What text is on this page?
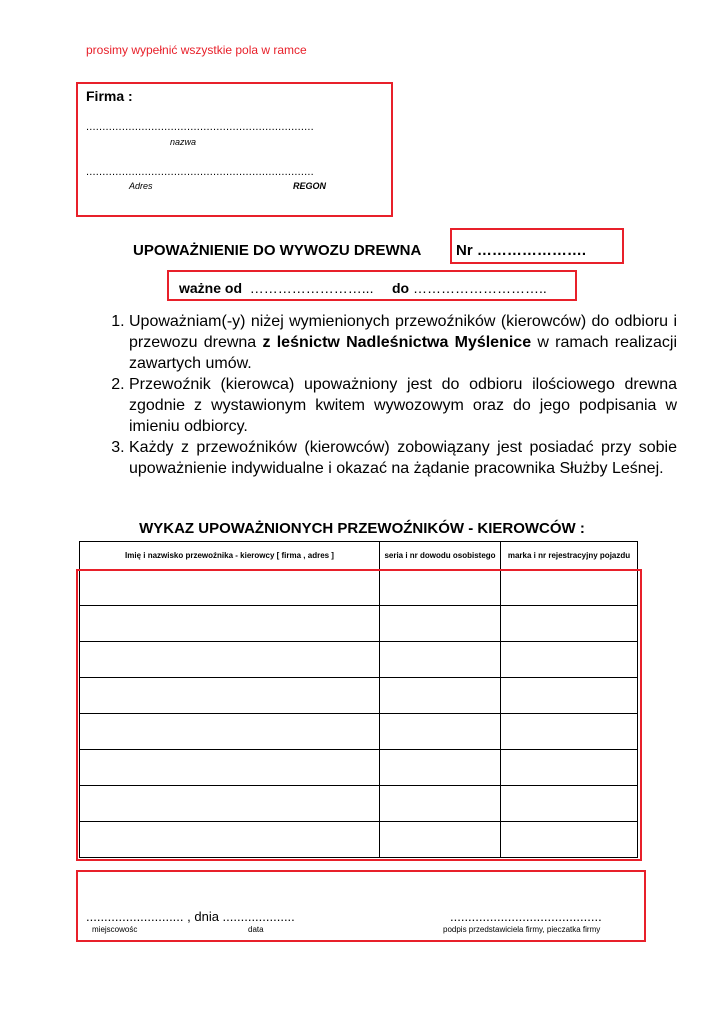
prosimy wypełnić wszystkie pola w ramce
Firma :
......................................................................
nazwa
......................................................................
Adres	REGON
UPOWAŻNIENIE DO WYWOZU DREWNA Nr ………………….
ważne od ……………………... do ………………………..
1. Upoważniam(-y) niżej wymienionych przewoźników (kierowców) do odbioru i przewozu drewna z leśnictw Nadleśnictwa Myślenice w ramach realizacji zawartych umów.
2. Przewoźnik (kierowca) upoważniony jest do odbioru ilościowego drewna zgodnie z wystawionym kwitem wywozowym oraz do jego podpisania w imieniu odbiorcy.
3. Każdy z przewoźników (kierowców) zobowiązany jest posiadać przy sobie upoważnienie indywidualne i okazać na żądanie pracownika Służby Leśnej.
WYKAZ UPOWAŻNIONYCH PRZEWOŹNIKÓW - KIEROWCÓW :
Imię i nazwisko przewoźnika - kierowcy [ firma , adres ]	seria i nr dowodu osobistego	marka i nr rejestracyjny pojazdu

........................... , dnia ....................	..........................................
miejscowośc	data	podpis przedstawiciela firmy, pieczatka firmy
